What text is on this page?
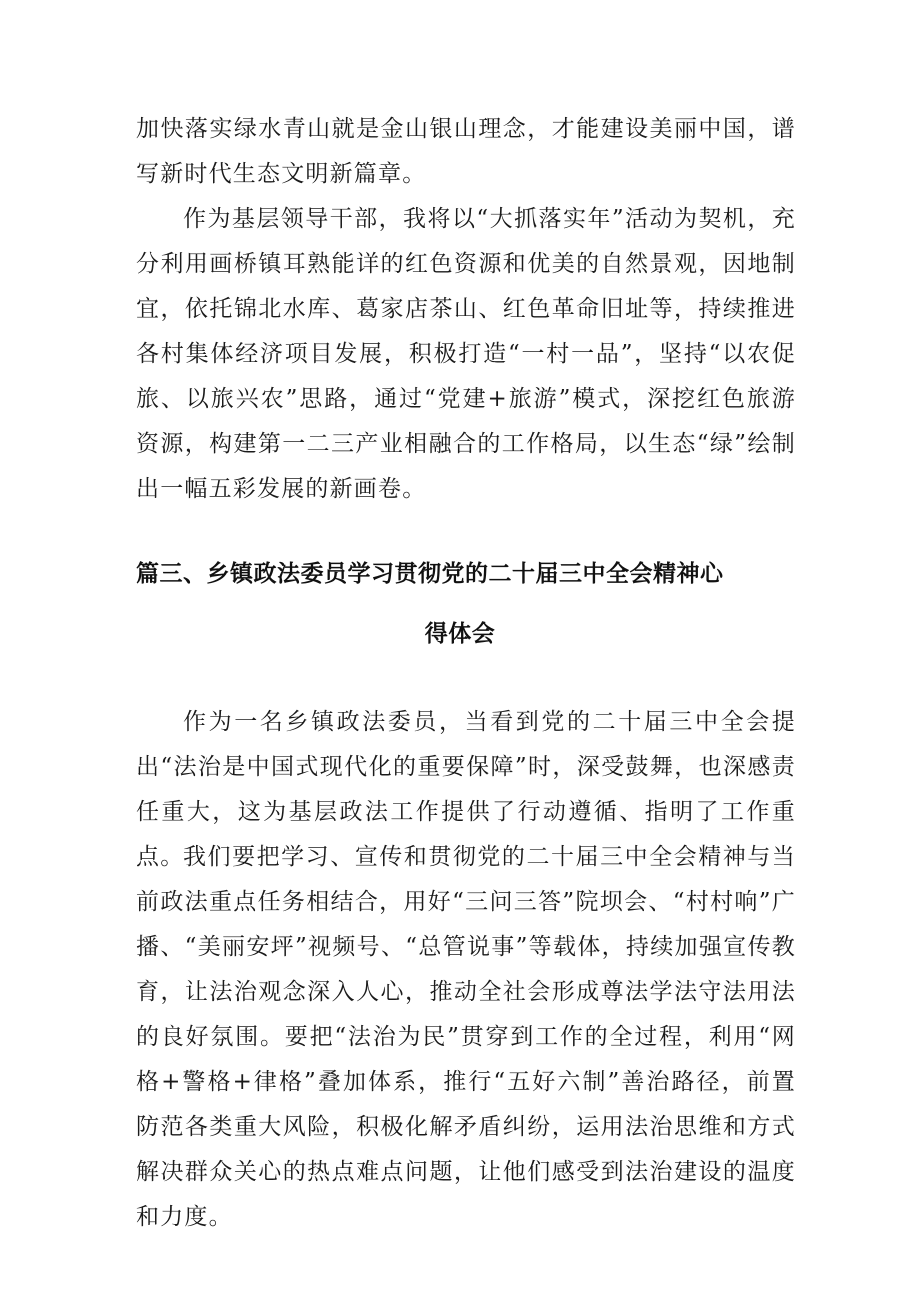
加快落实绿水青山就是金山银山理念，才能建设美丽中国，谱写新时代生态文明新篇章。

作为基层领导干部，我将以“大抓落实年”活动为契机，充分利用画桥镇耳熟能详的红色资源和优美的自然景观，因地制宜，依托锦北水库、葛家店茶山、红色革命旧址等，持续推进各村集体经济项目发展，积极打造“一村一品”，坚持“以农促旅、以旅兴农”思路，通过“党建+旅游”模式，深挖红色旅游资源，构建第一二三产业相融合的工作格局，以生态“绿”绘制出一幅五彩发展的新画卷。

篇三、乡镇政法委员学习贯彻党的二十届三中全会精神心
得体会

作为一名乡镇政法委员，当看到党的二十届三中全会提出“法治是中国式现代化的重要保障”时，深受鼓舞，也深感责任重大，这为基层政法工作提供了行动遵循、指明了工作重点。

我们要把学习、宣传和贯彻党的二十届三中全会精神与当前政法重点任务相结合，用好“三问三答”院坝会、“村村响”广播、“美丽安坪”视频号、“总管说事”等载体，持续加强宣传教育，让法治观念深入人心，推动全社会形成尊法学法守法用法的良好氛围。要把“法治为民”贯穿到工作的全过程，利用“网格+警格+律格”叠加体系，推行“五好六制”善治路径，前置防范各类重大风险，积极化解矛盾纠纷，运用法治思维和方式解决群众关心的热点难点问题，让他们感受到法治建设的温度和力度。
